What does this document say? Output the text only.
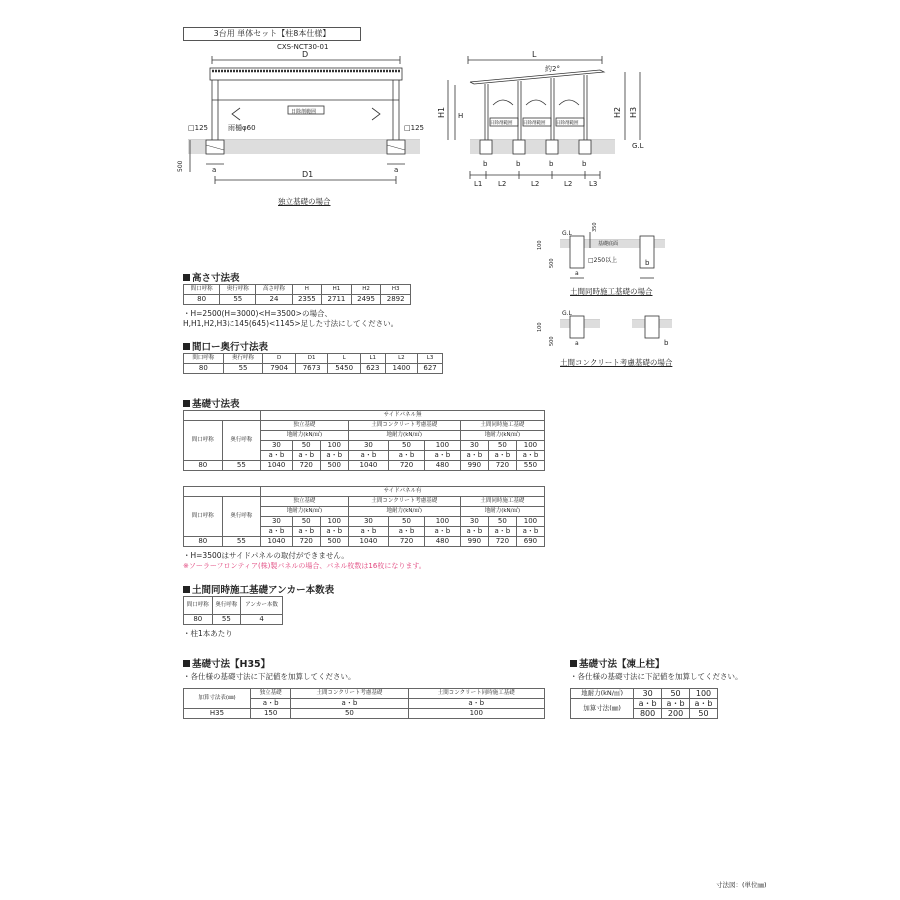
3台用 単体セット【柱8本仕様】
CXS-NCT30-01
D
D1
□125	□125
雨樋φ60
日除剤範囲
500	a	a
L
約2°
H1 H	H2 H3
G.L
日除剤範囲 日除剤範囲 日除剤範囲
L1 L2	L2	L2 L3
b	b	b	b
G.L
350
100
500
基礎底面
□250以上
a
b
G.L
100
500	a	b
独立基礎の場合
土間同時施工基礎の場合
土間コンクリート考慮基礎の場合
高さ寸法表
間口呼称	奥行呼称	高さ呼称	H	H1	H2	H3
80	55	24	2355	2711	2495	2892
・H=2500(H=3000)<H=3500>の場合、
H,H1,H2,H3に145(645)<1145>足した寸法にしてください。
間口ー奥行寸法表
間口呼称	奥行呼称	D	D1	L	L1	L2	L3
80	55	7904	7673	5450	623	1400	627
基礎寸法表
		サイドパネル無								
間口呼称	奥行呼称	独立基礎			土間コンクリート考慮基礎			土間同時施工基礎		
		地耐力(kN/㎡)			地耐力(kN/㎡)			地耐力(kN/㎡)		
		30	50	100	30	50	100	30	50	100
		a・b	a・b	a・b	a・b	a・b	a・b	a・b	a・b	a・b
80	55	1040	720	500	1040	720	480	990	720	550
		サイドパネル有								
間口呼称	奥行呼称	独立基礎			土間コンクリート考慮基礎			土間同時施工基礎		
		地耐力(kN/㎡)			地耐力(kN/㎡)			地耐力(kN/㎡)		
		30	50	100	30	50	100	30	50	100
		a・b	a・b	a・b	a・b	a・b	a・b	a・b	a・b	a・b
80	55	1040	720	500	1040	720	480	990	720	690
・H=3500はサイドパネルの取付ができません。
※ソーラーフロンティア(株)製パネルの場合、パネル枚数は16枚になります。
土間同時施工基礎アンカー本数表
間口呼称	奥行呼称	アンカー本数
80	55	4
・柱1本あたり
基礎寸法【H35】
・各仕様の基礎寸法に下記値を加算してください。
加算寸法表(㎜)	独立基礎	土間コンクリート考慮基礎	土間コンクリート同時施工基礎
	a・b	a・b	a・b
H35	150	50	100
基礎寸法【凍上柱】
・各仕様の基礎寸法に下記値を加算してください。
地耐力(kN/㎡)	30	50	100
加算寸法(㎜)	a・b	a・b	a・b
	800	200	50
寸法図：(単位㎜)
